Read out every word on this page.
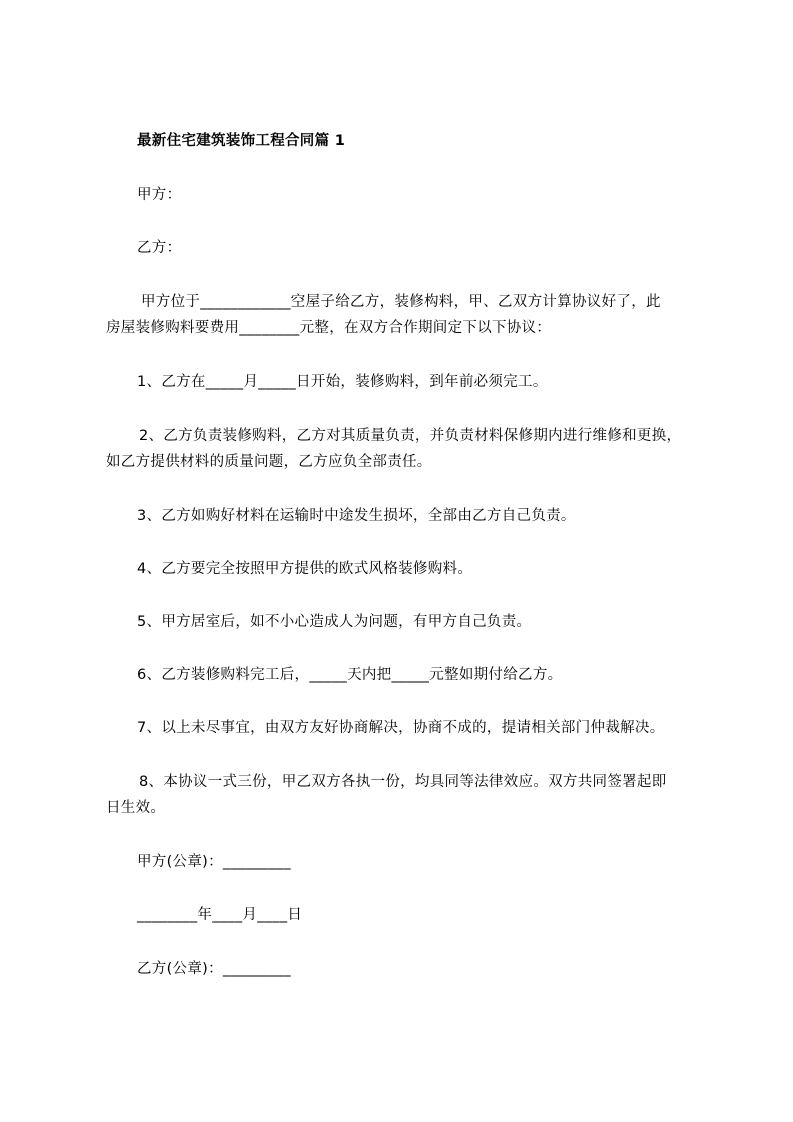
最新住宅建筑装饰工程合同篇 1
甲方：
乙方：
甲方位于____________空屋子给乙方，装修构料，甲、乙双方计算协议好了，此
房屋装修购料要费用________元整，在双方合作期间定下以下协议：
1、乙方在_____月_____日开始，装修购料，到年前必须完工。
2、乙方负责装修购料，乙方对其质量负责，并负责材料保修期内进行维修和更换，
如乙方提供材料的质量问题，乙方应负全部责任。
3、乙方如购好材料在运输时中途发生损坏，全部由乙方自己负责。
4、乙方要完全按照甲方提供的欧式风格装修购料。
5、甲方居室后，如不小心造成人为问题，有甲方自己负责。
6、乙方装修购料完工后，_____天内把_____元整如期付给乙方。
7、以上未尽事宜，由双方友好协商解决，协商不成的，提请相关部门仲裁解决。
8、本协议一式三份，甲乙双方各执一份，均具同等法律效应。双方共同签署起即
日生效。
甲方(公章)：_________
________年____月____日
乙方(公章)：_________
